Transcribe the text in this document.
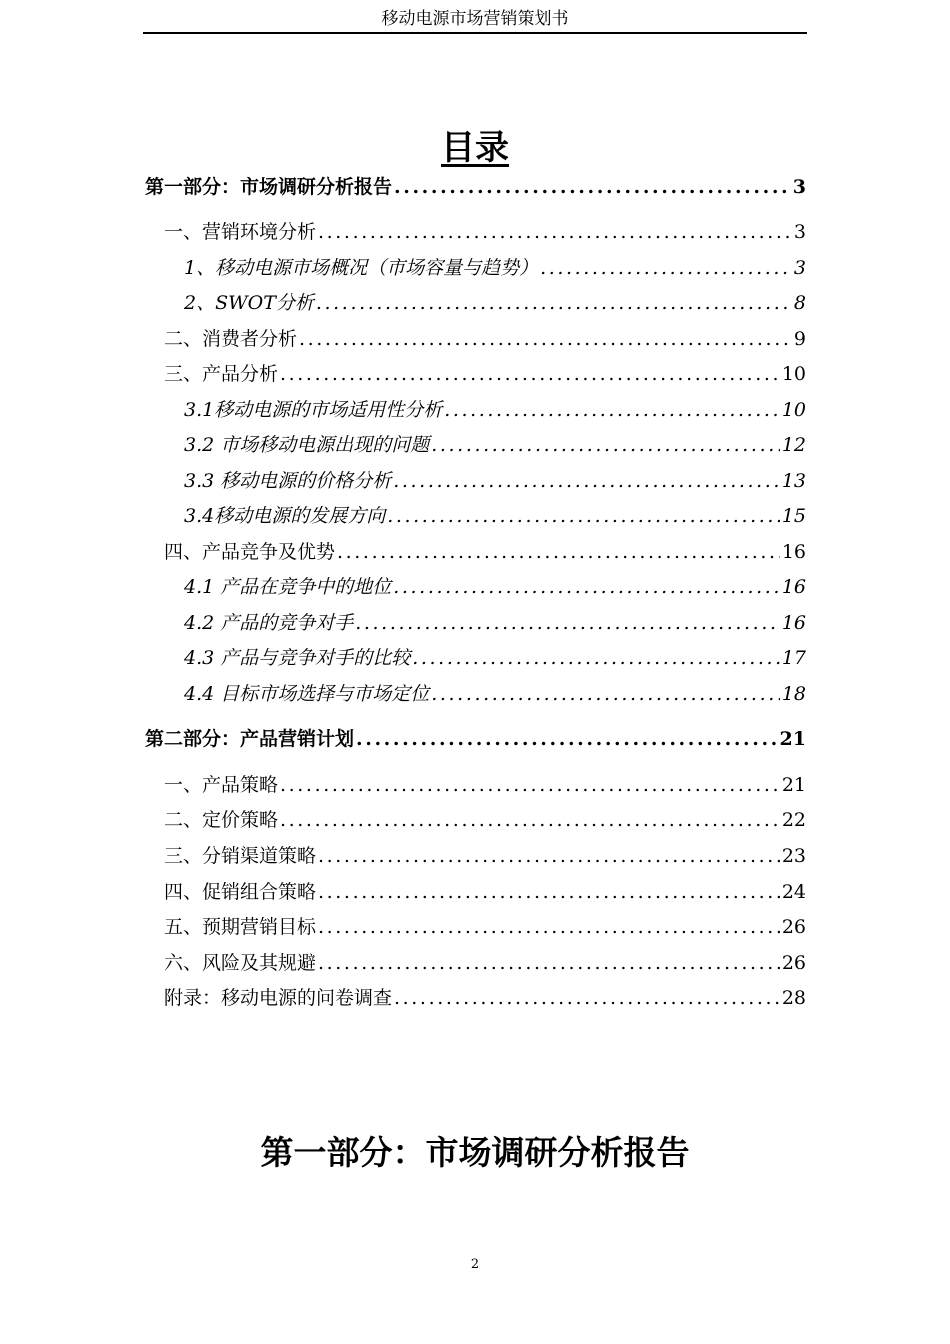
移动电源市场营销策划书
目录
第一部分：市场调研分析报告 .....	3
一、营销环境分析 .....	3
1、移动电源市场概况（市场容量与趋势） .....	3
2、SWOT分析 .....	8
二、消费者分析 .....	9
三、产品分析 .....	10
3.1移动电源的市场适用性分析 .....	10
3.2 市场移动电源出现的问题 .....	12
3.3 移动电源的价格分析 .....	13
3.4移动电源的发展方向 .....	15
四、产品竞争及优势 .....	16
4.1 产品在竞争中的地位 .....	16
4.2 产品的竞争对手 .....	16
4.3 产品与竞争对手的比较 .....	17
4.4 目标市场选择与市场定位 .....	18
第二部分：产品营销计划 .....	21
一、产品策略 .....	21
二、定价策略 .....	22
三、分销渠道策略 .....	23
四、促销组合策略 .....	24
五、预期营销目标 .....	26
六、风险及其规避 .....	26
附录：移动电源的问卷调查 .....	28
第一部分：市场调研分析报告
2
